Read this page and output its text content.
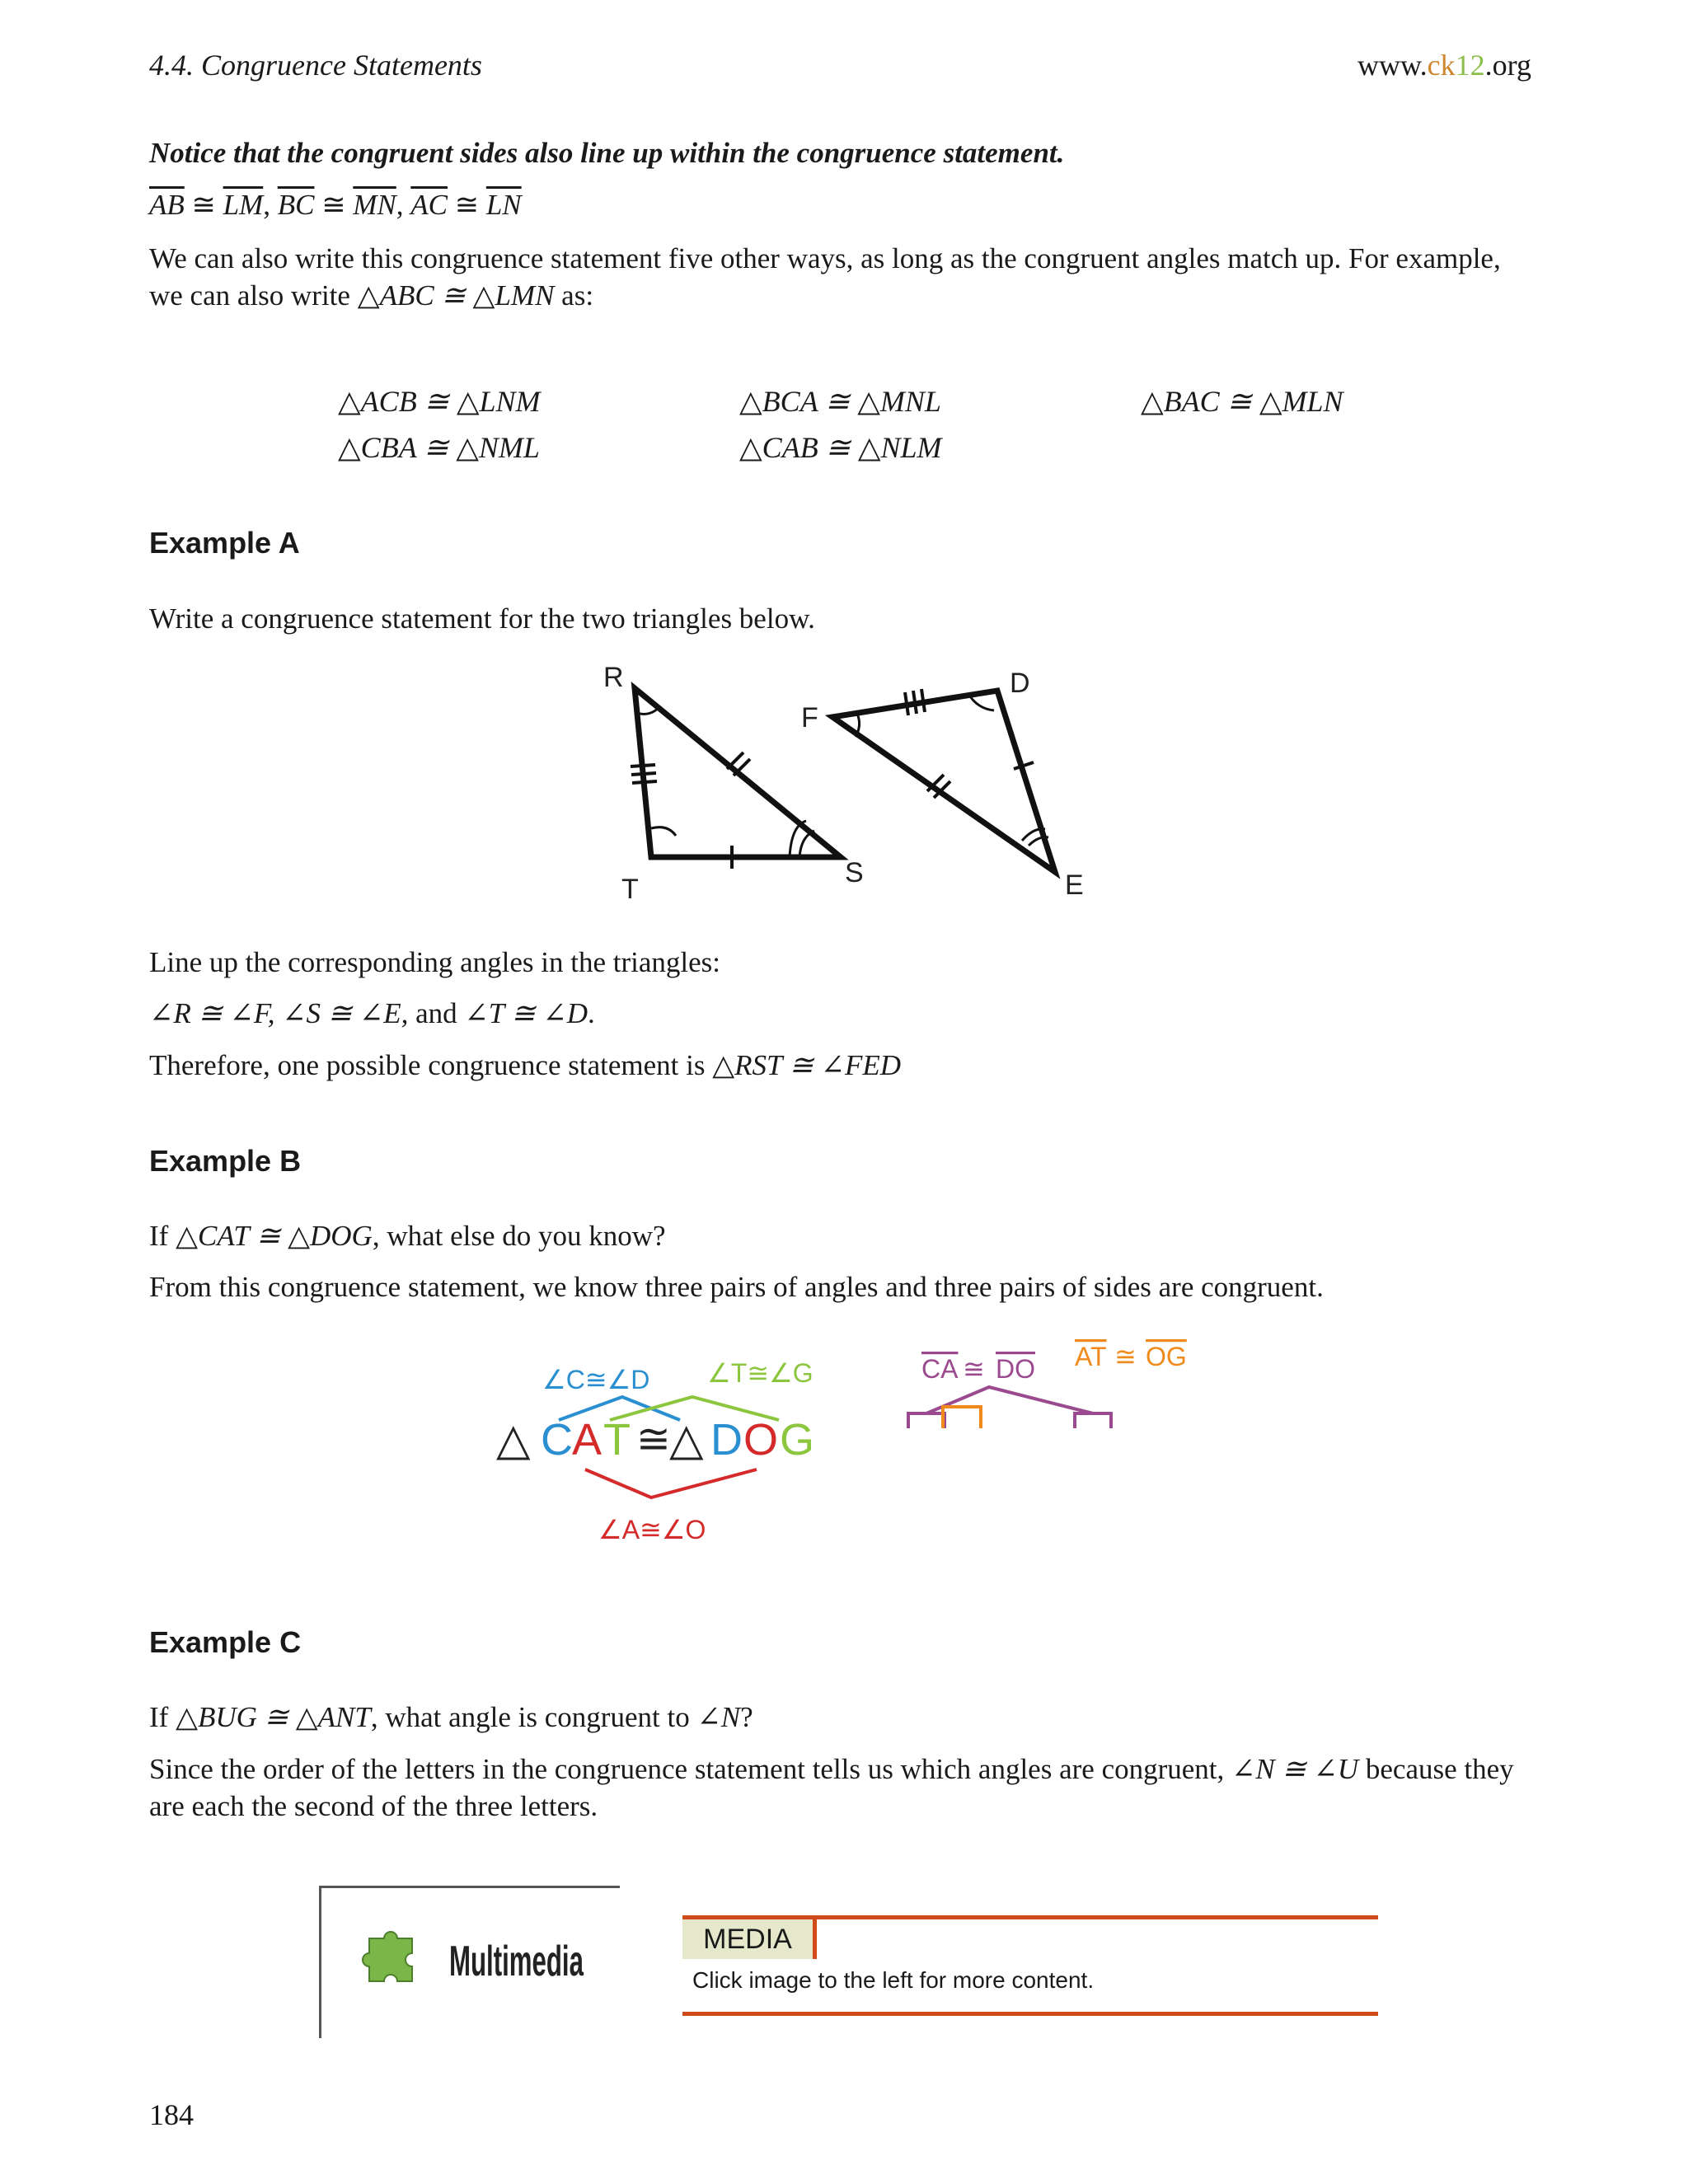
4.4. Congruence Statements	www.ck12.org
Notice that the congruent sides also line up within the congruence statement.
$\overline{AB}$ ≅ $\overline{LM}$, $\overline{BC}$ ≅ $\overline{MN}$, $\overline{AC}$ ≅ $\overline{LN}$
We can also write this congruence statement five other ways, as long as the congruent angles match up. For example,
we can also write △ABC ≅ △LMN as:
△ACB ≅ △LNM	△BCA ≅ △MNL	△BAC ≅ △MLN
△CBA ≅ △NML	△CAB ≅ △NLM
Example A
Write a congruence statement for the two triangles below.
R
T
S
F
D
E
Line up the corresponding angles in the triangles:
∠R ≅ ∠F, ∠S ≅ ∠E, and ∠T ≅ ∠D.
Therefore, one possible congruence statement is △RST ≅ ∠FED
Example B
If △CAT ≅ △DOG, what else do you know?
From this congruence statement, we know three pairs of angles and three pairs of sides are congruent.
∠C≅∠D ∠T≅∠G
△ C A T ≅
△ D O G
∠A≅∠O
CA ≅ DO AT ≅ OG
Example C
If △BUG ≅ △ANT, what angle is congruent to ∠N?
Since the order of the letters in the congruence statement tells us which angles are congruent, ∠N ≅ ∠U because they
are each the second of the three letters.
Multimedia	MEDIA
Click image to the left for more content.
184
